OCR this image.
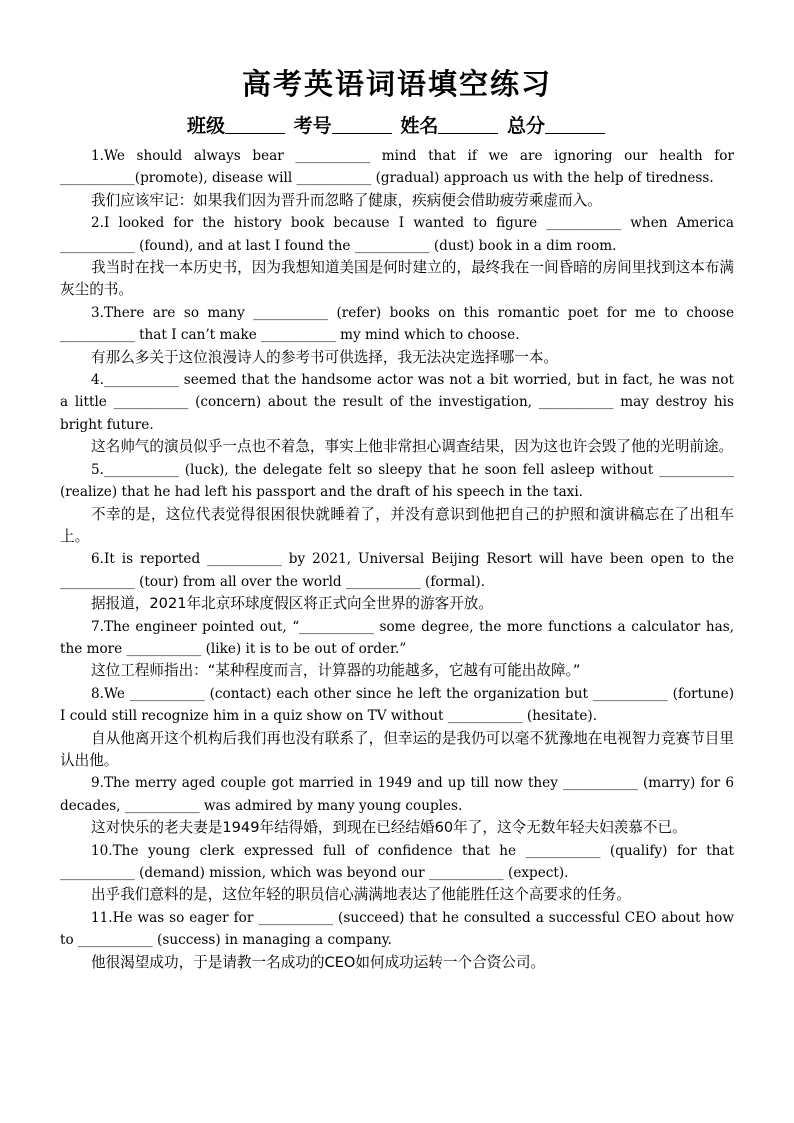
高考英语词语填空练习
班级	考号	姓名	总分

1.We should always bear ___________ mind that if we are ignoring our health for ___________(promote), disease will ___________ (gradual) approach us with the help of tiredness.

我们应该牢记：如果我们因为晋升而忽略了健康，疾病便会借助疲劳乘虚而入。

2.I looked for the history book because I wanted to figure ___________ when America ___________ (found), and at last I found the ___________ (dust) book in a dim room.

我当时在找一本历史书，因为我想知道美国是何时建立的，最终我在一间昏暗的房间里找到这本布满灰尘的书。

3.There are so many ___________ (refer) books on this romantic poet for me to choose ___________ that I can’t make ___________ my mind which to choose.

有那么多关于这位浪漫诗人的参考书可供选择，我无法决定选择哪一本。

4.___________ seemed that the handsome actor was not a bit worried, but in fact, he was not a little ___________ (concern) about the result of the investigation, ___________ may destroy his bright future.

这名帅气的演员似乎一点也不着急，事实上他非常担心调查结果，因为这也许会毁了他的光明前途。

5.___________ (luck), the delegate felt so sleepy that he soon fell asleep without ___________ (realize) that he had left his passport and the draft of his speech in the taxi.

不幸的是，这位代表觉得很困很快就睡着了，并没有意识到他把自己的护照和演讲稿忘在了出租车上。

6.It is reported ___________ by 2021, Universal Beijing Resort will have been open to the ___________ (tour) from all over the world ___________ (formal).

据报道，2021年北京环球度假区将正式向全世界的游客开放。

7.The engineer pointed out, “___________ some degree, the more functions a calculator has, the more ___________ (like) it is to be out of order.”

这位工程师指出：“某种程度而言，计算器的功能越多，它越有可能出故障。”

8.We ___________ (contact) each other since he left the organization but ___________ (fortune) I could still recognize him in a quiz show on TV without ___________ (hesitate).

自从他离开这个机构后我们再也没有联系了，但幸运的是我仍可以毫不犹豫地在电视智力竞赛节目里认出他。

9.The merry aged couple got married in 1949 and up till now they ___________ (marry) for 6 decades, ___________ was admired by many young couples.

这对快乐的老夫妻是1949年结得婚，到现在已经结婚60年了，这令无数年轻夫妇羡慕不已。

10.The young clerk expressed full of confidence that he ___________ (qualify) for that ___________ (demand) mission, which was beyond our ___________ (expect).

出乎我们意料的是，这位年轻的职员信心满满地表达了他能胜任这个高要求的任务。

11.He was so eager for ___________ (succeed) that he consulted a successful CEO about how to ___________ (success) in managing a company.

他很渴望成功，于是请教一名成功的CEO如何成功运转一个合资公司。
